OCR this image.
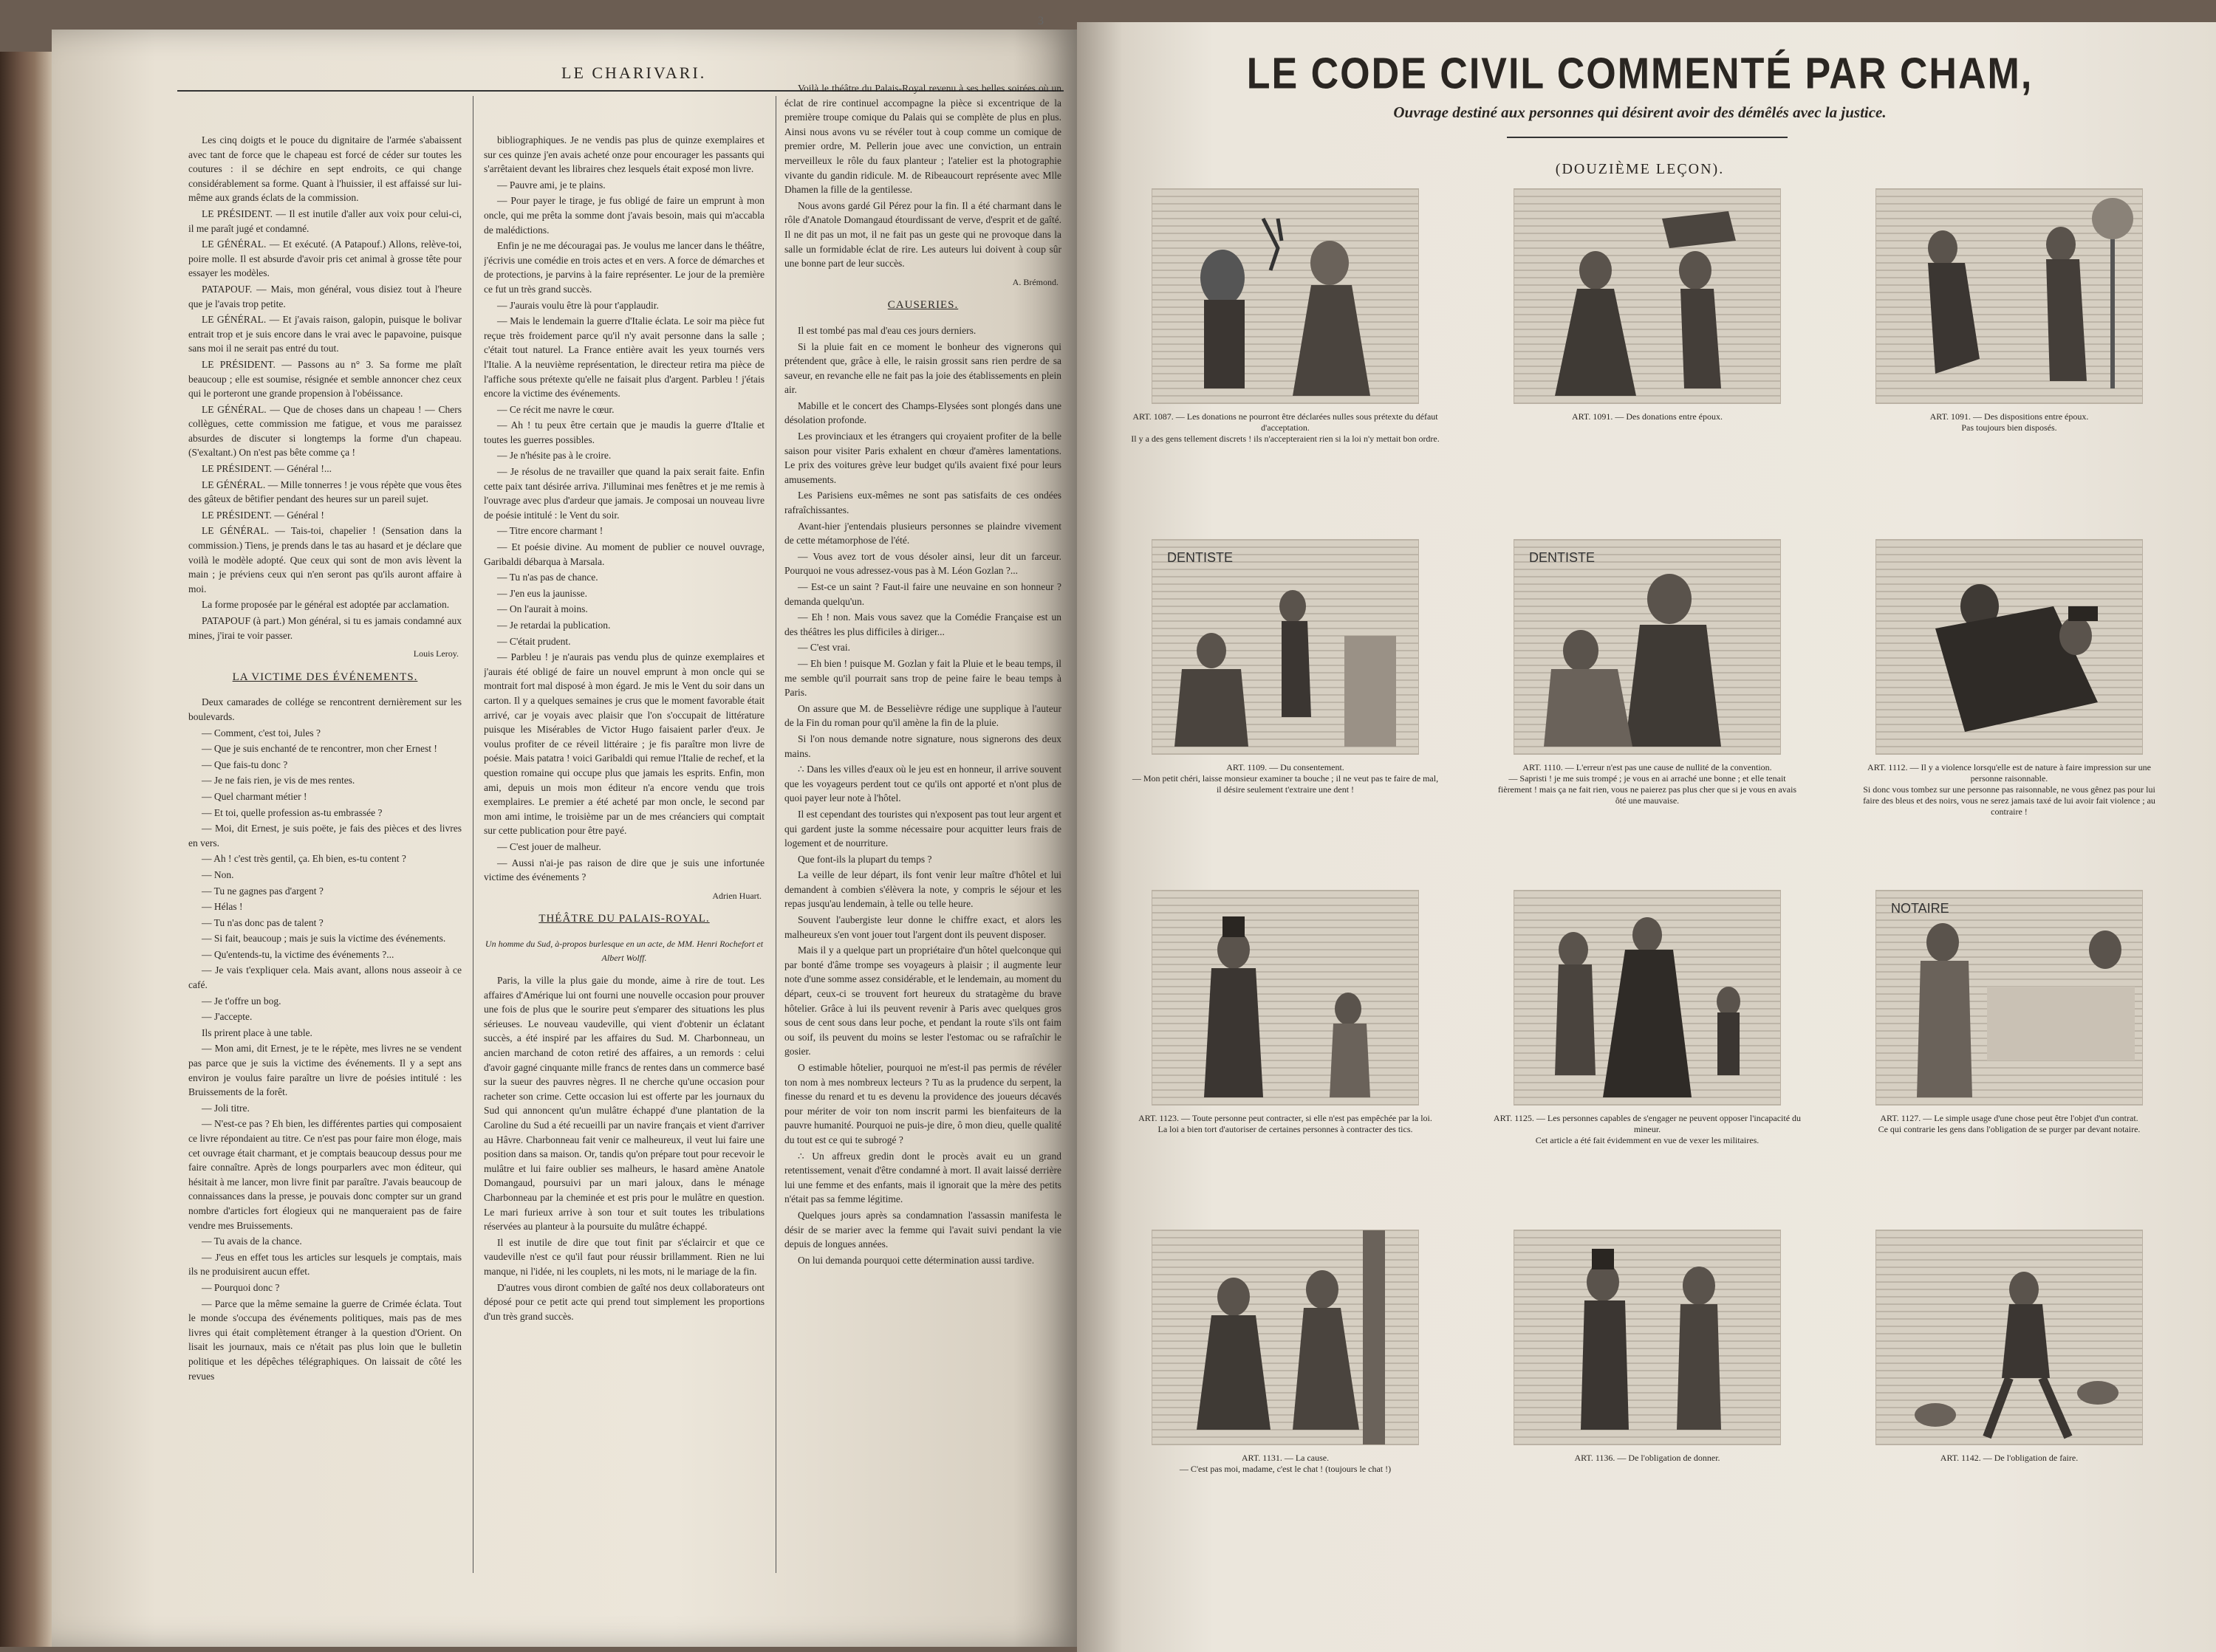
3
LE CHARIVARI.

Les cinq doigts et le pouce du dignitaire de l'armée s'abaissent avec tant de force que le chapeau est forcé de céder sur toutes les coutures : il se déchire en sept endroits, ce qui change considérablement sa forme. Quant à l'huissier, il est affaissé sur lui-même aux grands éclats de la commission.

LE PRÉSIDENT. — Il est inutile d'aller aux voix pour celui-ci, il me paraît jugé et condamné.

LE GÉNÉRAL. — Et exécuté. (A Patapouf.) Allons, relève-toi, poire molle. Il est absurde d'avoir pris cet animal à grosse tête pour essayer les modèles.

PATAPOUF. — Mais, mon général, vous disiez tout à l'heure que je l'avais trop petite.

LE GÉNÉRAL. — Et j'avais raison, galopin, puisque le bolivar entrait trop et je suis encore dans le vrai avec le papavoine, puisque sans moi il ne serait pas entré du tout.

LE PRÉSIDENT. — Passons au n° 3. Sa forme me plaît beaucoup ; elle est soumise, résignée et semble annoncer chez ceux qui le porteront une grande propension à l'obéissance.

LE GÉNÉRAL. — Que de choses dans un chapeau ! — Chers collègues, cette commission me fatigue, et vous me paraissez absurdes de discuter si longtemps la forme d'un chapeau. (S'exaltant.) On n'est pas bête comme ça !

LE PRÉSIDENT. — Général !...

LE GÉNÉRAL. — Mille tonnerres ! je vous répète que vous êtes des gâteux de bêtifier pendant des heures sur un pareil sujet.

LE PRÉSIDENT. — Général !

LE GÉNÉRAL. — Tais-toi, chapelier ! (Sensation dans la commission.) Tiens, je prends dans le tas au hasard et je déclare que voilà le modèle adopté. Que ceux qui sont de mon avis lèvent la main ; je préviens ceux qui n'en seront pas qu'ils auront affaire à moi.

La forme proposée par le général est adoptée par acclamation.

PATAPOUF (à part.) Mon général, si tu es jamais condamné aux mines, j'irai te voir passer.

Louis Leroy.
LA VICTIME DES ÉVÉNEMENTS.

Deux camarades de collége se rencontrent dernièrement sur les boulevards.

— Comment, c'est toi, Jules ?

— Que je suis enchanté de te rencontrer, mon cher Ernest !

— Que fais-tu donc ?

— Je ne fais rien, je vis de mes rentes.

— Quel charmant métier !

— Et toi, quelle profession as-tu embrassée ?

— Moi, dit Ernest, je suis poëte, je fais des pièces et des livres en vers.

— Ah ! c'est très gentil, ça. Eh bien, es-tu content ?

— Non.

— Tu ne gagnes pas d'argent ?

— Hélas !

— Tu n'as donc pas de talent ?

— Si fait, beaucoup ; mais je suis la victime des événements.

— Qu'entends-tu, la victime des événements ?...

— Je vais t'expliquer cela. Mais avant, allons nous asseoir à ce café.

— Je t'offre un bog.

— J'accepte.

Ils prirent place à une table.

— Mon ami, dit Ernest, je te le répète, mes livres ne se vendent pas parce que je suis la victime des événements. Il y a sept ans environ je voulus faire paraître un livre de poésies intitulé : les Bruissements de la forêt.

— Joli titre.

— N'est-ce pas ? Eh bien, les différentes parties qui composaient ce livre répondaient au titre. Ce n'est pas pour faire mon éloge, mais cet ouvrage était charmant, et je comptais beaucoup dessus pour me faire connaître. Après de longs pourparlers avec mon éditeur, qui hésitait à me lancer, mon livre finit par paraître. J'avais beaucoup de connaissances dans la presse, je pouvais donc compter sur un grand nombre d'articles fort élogieux qui ne manqueraient pas de faire vendre mes Bruissements.

— Tu avais de la chance.

— J'eus en effet tous les articles sur lesquels je comptais, mais ils ne produisirent aucun effet.

— Pourquoi donc ?

— Parce que la même semaine la guerre de Crimée éclata. Tout le monde s'occupa des événements politiques, mais pas de mes livres qui était complètement étranger à la question d'Orient. On lisait les journaux, mais ce n'était pas plus loin que le bulletin politique et les dépêches télégraphiques. On laissait de côté les revues

bibliographiques. Je ne vendis pas plus de quinze exemplaires et sur ces quinze j'en avais acheté onze pour encourager les passants qui s'arrêtaient devant les libraires chez lesquels était exposé mon livre.

— Pauvre ami, je te plains.

— Pour payer le tirage, je fus obligé de faire un emprunt à mon oncle, qui me prêta la somme dont j'avais besoin, mais qui m'accabla de malédictions.

Enfin je ne me découragai pas. Je voulus me lancer dans le théâtre, j'écrivis une comédie en trois actes et en vers. A force de démarches et de protections, je parvins à la faire représenter. Le jour de la première ce fut un très grand succès.

— J'aurais voulu être là pour t'applaudir.

— Mais le lendemain la guerre d'Italie éclata. Le soir ma pièce fut reçue très froidement parce qu'il n'y avait personne dans la salle ; c'était tout naturel. La France entière avait les yeux tournés vers l'Italie. A la neuvième représentation, le directeur retira ma pièce de l'affiche sous prétexte qu'elle ne faisait plus d'argent. Parbleu ! j'étais encore la victime des événements.

— Ce récit me navre le cœur.

— Ah ! tu peux être certain que je maudis la guerre d'Italie et toutes les guerres possibles.

— Je n'hésite pas à le croire.

— Je résolus de ne travailler que quand la paix serait faite. Enfin cette paix tant désirée arriva. J'illuminai mes fenêtres et je me remis à l'ouvrage avec plus d'ardeur que jamais. Je composai un nouveau livre de poésie intitulé : le Vent du soir.

— Titre encore charmant !

— Et poésie divine. Au moment de publier ce nouvel ouvrage, Garibaldi débarqua à Marsala.

— Tu n'as pas de chance.

— J'en eus la jaunisse.

— On l'aurait à moins.

— Je retardai la publication.

— C'était prudent.

— Parbleu ! je n'aurais pas vendu plus de quinze exemplaires et j'aurais été obligé de faire un nouvel emprunt à mon oncle qui se montrait fort mal disposé à mon égard. Je mis le Vent du soir dans un carton. Il y a quelques semaines je crus que le moment favorable était arrivé, car je voyais avec plaisir que l'on s'occupait de littérature puisque les Misérables de Victor Hugo faisaient parler d'eux. Je voulus profiter de ce réveil littéraire ; je fis paraître mon livre de poésie. Mais patatra ! voici Garibaldi qui remue l'Italie de rechef, et la question romaine qui occupe plus que jamais les esprits. Enfin, mon ami, depuis un mois mon éditeur n'a encore vendu que trois exemplaires. Le premier a été acheté par mon oncle, le second par mon ami intime, le troisième par un de mes créanciers qui comptait sur cette publication pour être payé.

— C'est jouer de malheur.

— Aussi n'ai-je pas raison de dire que je suis une infortunée victime des événements ?

Adrien Huart.
THÉÂTRE DU PALAIS-ROYAL.
Un homme du Sud, à-propos burlesque en un acte, de MM. Henri Rochefort et Albert Wolff.

Paris, la ville la plus gaie du monde, aime à rire de tout. Les affaires d'Amérique lui ont fourni une nouvelle occasion pour prouver une fois de plus que le sourire peut s'emparer des situations les plus sérieuses. Le nouveau vaudeville, qui vient d'obtenir un éclatant succès, a été inspiré par les affaires du Sud. M. Charbonneau, un ancien marchand de coton retiré des affaires, a un remords : celui d'avoir gagné cinquante mille francs de rentes dans un commerce basé sur la sueur des pauvres nègres. Il ne cherche qu'une occasion pour racheter son crime. Cette occasion lui est offerte par les journaux du Sud qui annoncent qu'un mulâtre échappé d'une plantation de la Caroline du Sud a été recueilli par un navire français et vient d'arriver au Hâvre. Charbonneau fait venir ce malheureux, il veut lui faire une position dans sa maison. Or, tandis qu'on prépare tout pour recevoir le mulâtre et lui faire oublier ses malheurs, le hasard amène Anatole Domangaud, poursuivi par un mari jaloux, dans le ménage Charbonneau par la cheminée et est pris pour le mulâtre en question. Le mari furieux arrive à son tour et suit toutes les tribulations réservées au planteur à la poursuite du mulâtre échappé.

Il est inutile de dire que tout finit par s'éclaircir et que ce vaudeville n'est ce qu'il faut pour réussir brillamment. Rien ne lui manque, ni l'idée, ni les couplets, ni les mots, ni le mariage de la fin.

D'autres vous diront combien de gaîté nos deux collaborateurs ont déposé pour ce petit acte qui prend tout simplement les proportions d'un très grand succès.

Voilà le théâtre du Palais-Royal revenu à ses belles soirées où un éclat de rire continuel accompagne la pièce si excentrique de la première troupe comique du Palais qui se complète de plus en plus. Ainsi nous avons vu se révéler tout à coup comme un comique de premier ordre, M. Pellerin joue avec une conviction, un entrain merveilleux le rôle du faux planteur ; l'atelier est la photographie vivante du gandin ridicule. M. de Ribeaucourt représente avec Mlle Dhamen la fille de la gentilesse.

Nous avons gardé Gil Pérez pour la fin. Il a été charmant dans le rôle d'Anatole Domangaud étourdissant de verve, d'esprit et de gaîté. Il ne dit pas un mot, il ne fait pas un geste qui ne provoque dans la salle un formidable éclat de rire. Les auteurs lui doivent à coup sûr une bonne part de leur succès.

A. Brémond.
CAUSERIES.

Il est tombé pas mal d'eau ces jours derniers.

Si la pluie fait en ce moment le bonheur des vignerons qui prétendent que, grâce à elle, le raisin grossit sans rien perdre de sa saveur, en revanche elle ne fait pas la joie des établissements en plein air.

Mabille et le concert des Champs-Elysées sont plongés dans une désolation profonde.

Les provinciaux et les étrangers qui croyaient profiter de la belle saison pour visiter Paris exhalent en chœur d'amères lamentations. Le prix des voitures grève leur budget qu'ils avaient fixé pour leurs amusements.

Les Parisiens eux-mêmes ne sont pas satisfaits de ces ondées rafraîchissantes.

Avant-hier j'entendais plusieurs personnes se plaindre vivement de cette métamorphose de l'été.

— Vous avez tort de vous désoler ainsi, leur dit un farceur. Pourquoi ne vous adressez-vous pas à M. Léon Gozlan ?...

— Est-ce un saint ? Faut-il faire une neuvaine en son honneur ? demanda quelqu'un.

— Eh ! non. Mais vous savez que la Comédie Française est un des théâtres les plus difficiles à diriger...

— C'est vrai.

— Eh bien ! puisque M. Gozlan y fait la Pluie et le beau temps, il me semble qu'il pourrait sans trop de peine faire le beau temps à Paris.

On assure que M. de Besselièvre rédige une supplique à l'auteur de la Fin du roman pour qu'il amène la fin de la pluie.

Si l'on nous demande notre signature, nous signerons des deux mains.

∴ Dans les villes d'eaux où le jeu est en honneur, il arrive souvent que les voyageurs perdent tout ce qu'ils ont apporté et n'ont plus de quoi payer leur note à l'hôtel.

Il est cependant des touristes qui n'exposent pas tout leur argent et qui gardent juste la somme nécessaire pour acquitter leurs frais de logement et de nourriture.

Que font-ils la plupart du temps ?

La veille de leur départ, ils font venir leur maître d'hôtel et lui demandent à combien s'élèvera la note, y compris le séjour et les repas jusqu'au lendemain, à telle ou telle heure.

Souvent l'aubergiste leur donne le chiffre exact, et alors les malheureux s'en vont jouer tout l'argent dont ils peuvent disposer.

Mais il y a quelque part un propriétaire d'un hôtel quelconque qui par bonté d'âme trompe ses voyageurs à plaisir ; il augmente leur note d'une somme assez considérable, et le lendemain, au moment du départ, ceux-ci se trouvent fort heureux du stratagème du brave hôtelier. Grâce à lui ils peuvent revenir à Paris avec quelques gros sous de cent sous dans leur poche, et pendant la route s'ils ont faim ou soif, ils peuvent du moins se lester l'estomac ou se rafraîchir le gosier.

O estimable hôtelier, pourquoi ne m'est-il pas permis de révéler ton nom à mes nombreux lecteurs ? Tu as la prudence du serpent, la finesse du renard et tu es devenu la providence des joueurs décavés pour mériter de voir ton nom inscrit parmi les bienfaiteurs de la pauvre humanité. Pourquoi ne puis-je dire, ô mon dieu, quelle qualité du tout est ce qui te subrogé ?

∴ Un affreux gredin dont le procès avait eu un grand retentissement, venait d'être condamné à mort. Il avait laissé derrière lui une femme et des enfants, mais il ignorait que la mère des petits n'était pas sa femme légitime.

Quelques jours après sa condamnation l'assassin manifesta le désir de se marier avec la femme qui l'avait suivi pendant la vie depuis de longues années.

On lui demanda pourquoi cette détermination aussi tardive.

LE CODE CIVIL COMMENTÉ PAR CHAM,
Ouvrage destiné aux personnes qui désirent avoir des démêlés avec la justice.
(DOUZIÈME LEÇON).
ART. 1087. — Les donations ne pourront être déclarées nulles sous prétexte du défaut d'acceptation.
Il y a des gens tellement discrets ! ils n'accepteraient rien si la loi n'y mettait bon ordre.
ART. 1091. — Des donations entre époux.	ART. 1091. — Des dispositions entre époux.
Pas toujours bien disposés.
DENTISTE
ART. 1109. — Du consentement.
— Mon petit chéri, laisse monsieur examiner ta bouche ; il ne veut pas te faire de mal, il désire seulement t'extraire une dent !
DENTISTE
ART. 1110. — L'erreur n'est pas une cause de nullité de la convention.
— Sapristi ! je me suis trompé ; je vous en ai arraché une bonne ; et elle tenait fièrement ! mais ça ne fait rien, vous ne paierez pas plus cher que si je vous en avais ôté une mauvaise.
ART. 1112. — Il y a violence lorsqu'elle est de nature à faire impression sur une personne raisonnable.
Si donc vous tombez sur une personne pas raisonnable, ne vous gênez pas pour lui faire des bleus et des noirs, vous ne serez jamais taxé de lui avoir fait violence ; au contraire !
ART. 1123. — Toute personne peut contracter, si elle n'est pas empêchée par la loi.
La loi a bien tort d'autoriser de certaines personnes à contracter des tics.
ART. 1125. — Les personnes capables de s'engager ne peuvent opposer l'incapacité du mineur.
Cet article a été fait évidemment en vue de vexer les militaires.
NOTAIRE
ART. 1127. — Le simple usage d'une chose peut être l'objet d'un contrat.
Ce qui contrarie les gens dans l'obligation de se purger par devant notaire.
ART. 1131. — La cause.
— C'est pas moi, madame, c'est le chat ! (toujours le chat !)
ART. 1136. — De l'obligation de donner.	ART. 1142. — De l'obligation de faire.
